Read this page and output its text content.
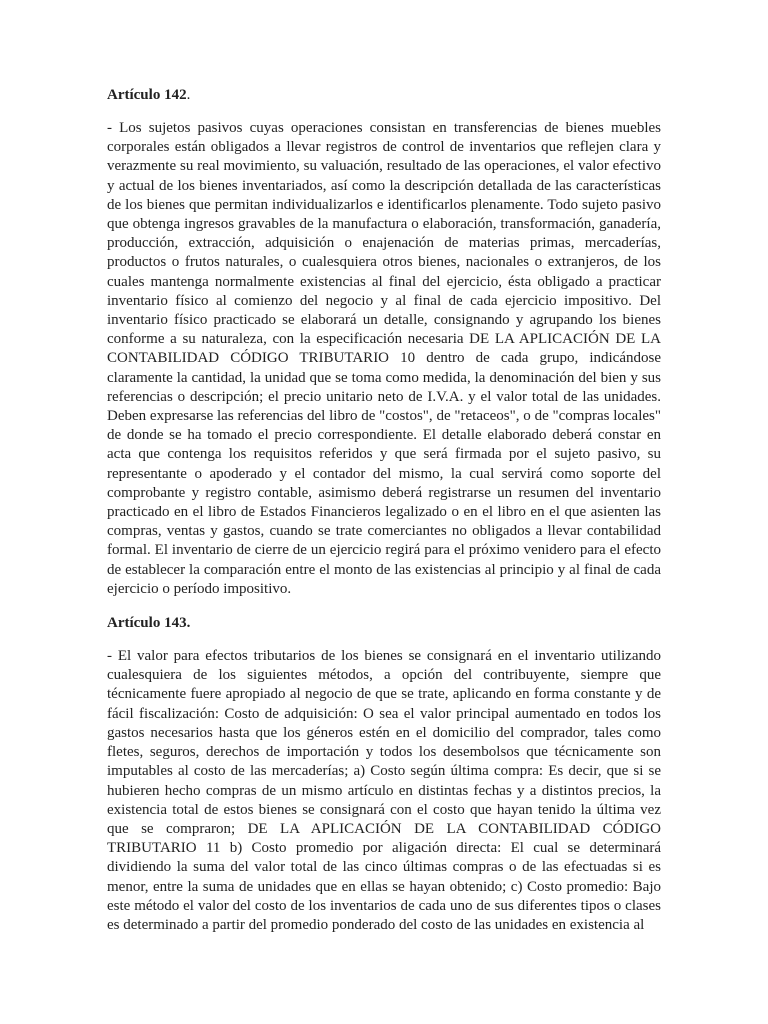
Artículo 142.

- Los sujetos pasivos cuyas operaciones consistan en transferencias de bienes muebles corporales están obligados a llevar registros de control de inventarios que reflejen clara y verazmente su real movimiento, su valuación, resultado de las operaciones, el valor efectivo y actual de los bienes inventariados, así como la descripción detallada de las características de los bienes que permitan individualizarlos e identificarlos plenamente. Todo sujeto pasivo que obtenga ingresos gravables de la manufactura o elaboración, transformación, ganadería, producción, extracción, adquisición o enajenación de materias primas, mercaderías, productos o frutos naturales, o cualesquiera otros bienes, nacionales o extranjeros, de los cuales mantenga normalmente existencias al final del ejercicio, ésta obligado a practicar inventario físico al comienzo del negocio y al final de cada ejercicio impositivo. Del inventario físico practicado se elaborará un detalle, consignando y agrupando los bienes conforme a su naturaleza, con la especificación necesaria DE LA APLICACIÓN DE LA CONTABILIDAD CÓDIGO TRIBUTARIO 10 dentro de cada grupo, indicándose claramente la cantidad, la unidad que se toma como medida, la denominación del bien y sus referencias o descripción; el precio unitario neto de I.V.A. y el valor total de las unidades. Deben expresarse las referencias del libro de "costos", de "retaceos", o de "compras locales" de donde se ha tomado el precio correspondiente. El detalle elaborado deberá constar en acta que contenga los requisitos referidos y que será firmada por el sujeto pasivo, su representante o apoderado y el contador del mismo, la cual servirá como soporte del comprobante y registro contable, asimismo deberá registrarse un resumen del inventario practicado en el libro de Estados Financieros legalizado o en el libro en el que asienten las compras, ventas y gastos, cuando se trate comerciantes no obligados a llevar contabilidad formal. El inventario de cierre de un ejercicio regirá para el próximo venidero para el efecto de establecer la comparación entre el monto de las existencias al principio y al final de cada ejercicio o período impositivo.

Artículo 143.

- El valor para efectos tributarios de los bienes se consignará en el inventario utilizando cualesquiera de los siguientes métodos, a opción del contribuyente, siempre que técnicamente fuere apropiado al negocio de que se trate, aplicando en forma constante y de fácil fiscalización: Costo de adquisición: O sea el valor principal aumentado en todos los gastos necesarios hasta que los géneros estén en el domicilio del comprador, tales como fletes, seguros, derechos de importación y todos los desembolsos que técnicamente son imputables al costo de las mercaderías; a) Costo según última compra: Es decir, que si se hubieren hecho compras de un mismo artículo en distintas fechas y a distintos precios, la existencia total de estos bienes se consignará con el costo que hayan tenido la última vez que se compraron; DE LA APLICACIÓN DE LA CONTABILIDAD CÓDIGO TRIBUTARIO 11 b) Costo promedio por aligación directa: El cual se determinará dividiendo la suma del valor total de las cinco últimas compras o de las efectuadas si es menor, entre la suma de unidades que en ellas se hayan obtenido; c) Costo promedio: Bajo este método el valor del costo de los inventarios de cada uno de sus diferentes tipos o clases es determinado a partir del promedio ponderado del costo de las unidades en existencia al
